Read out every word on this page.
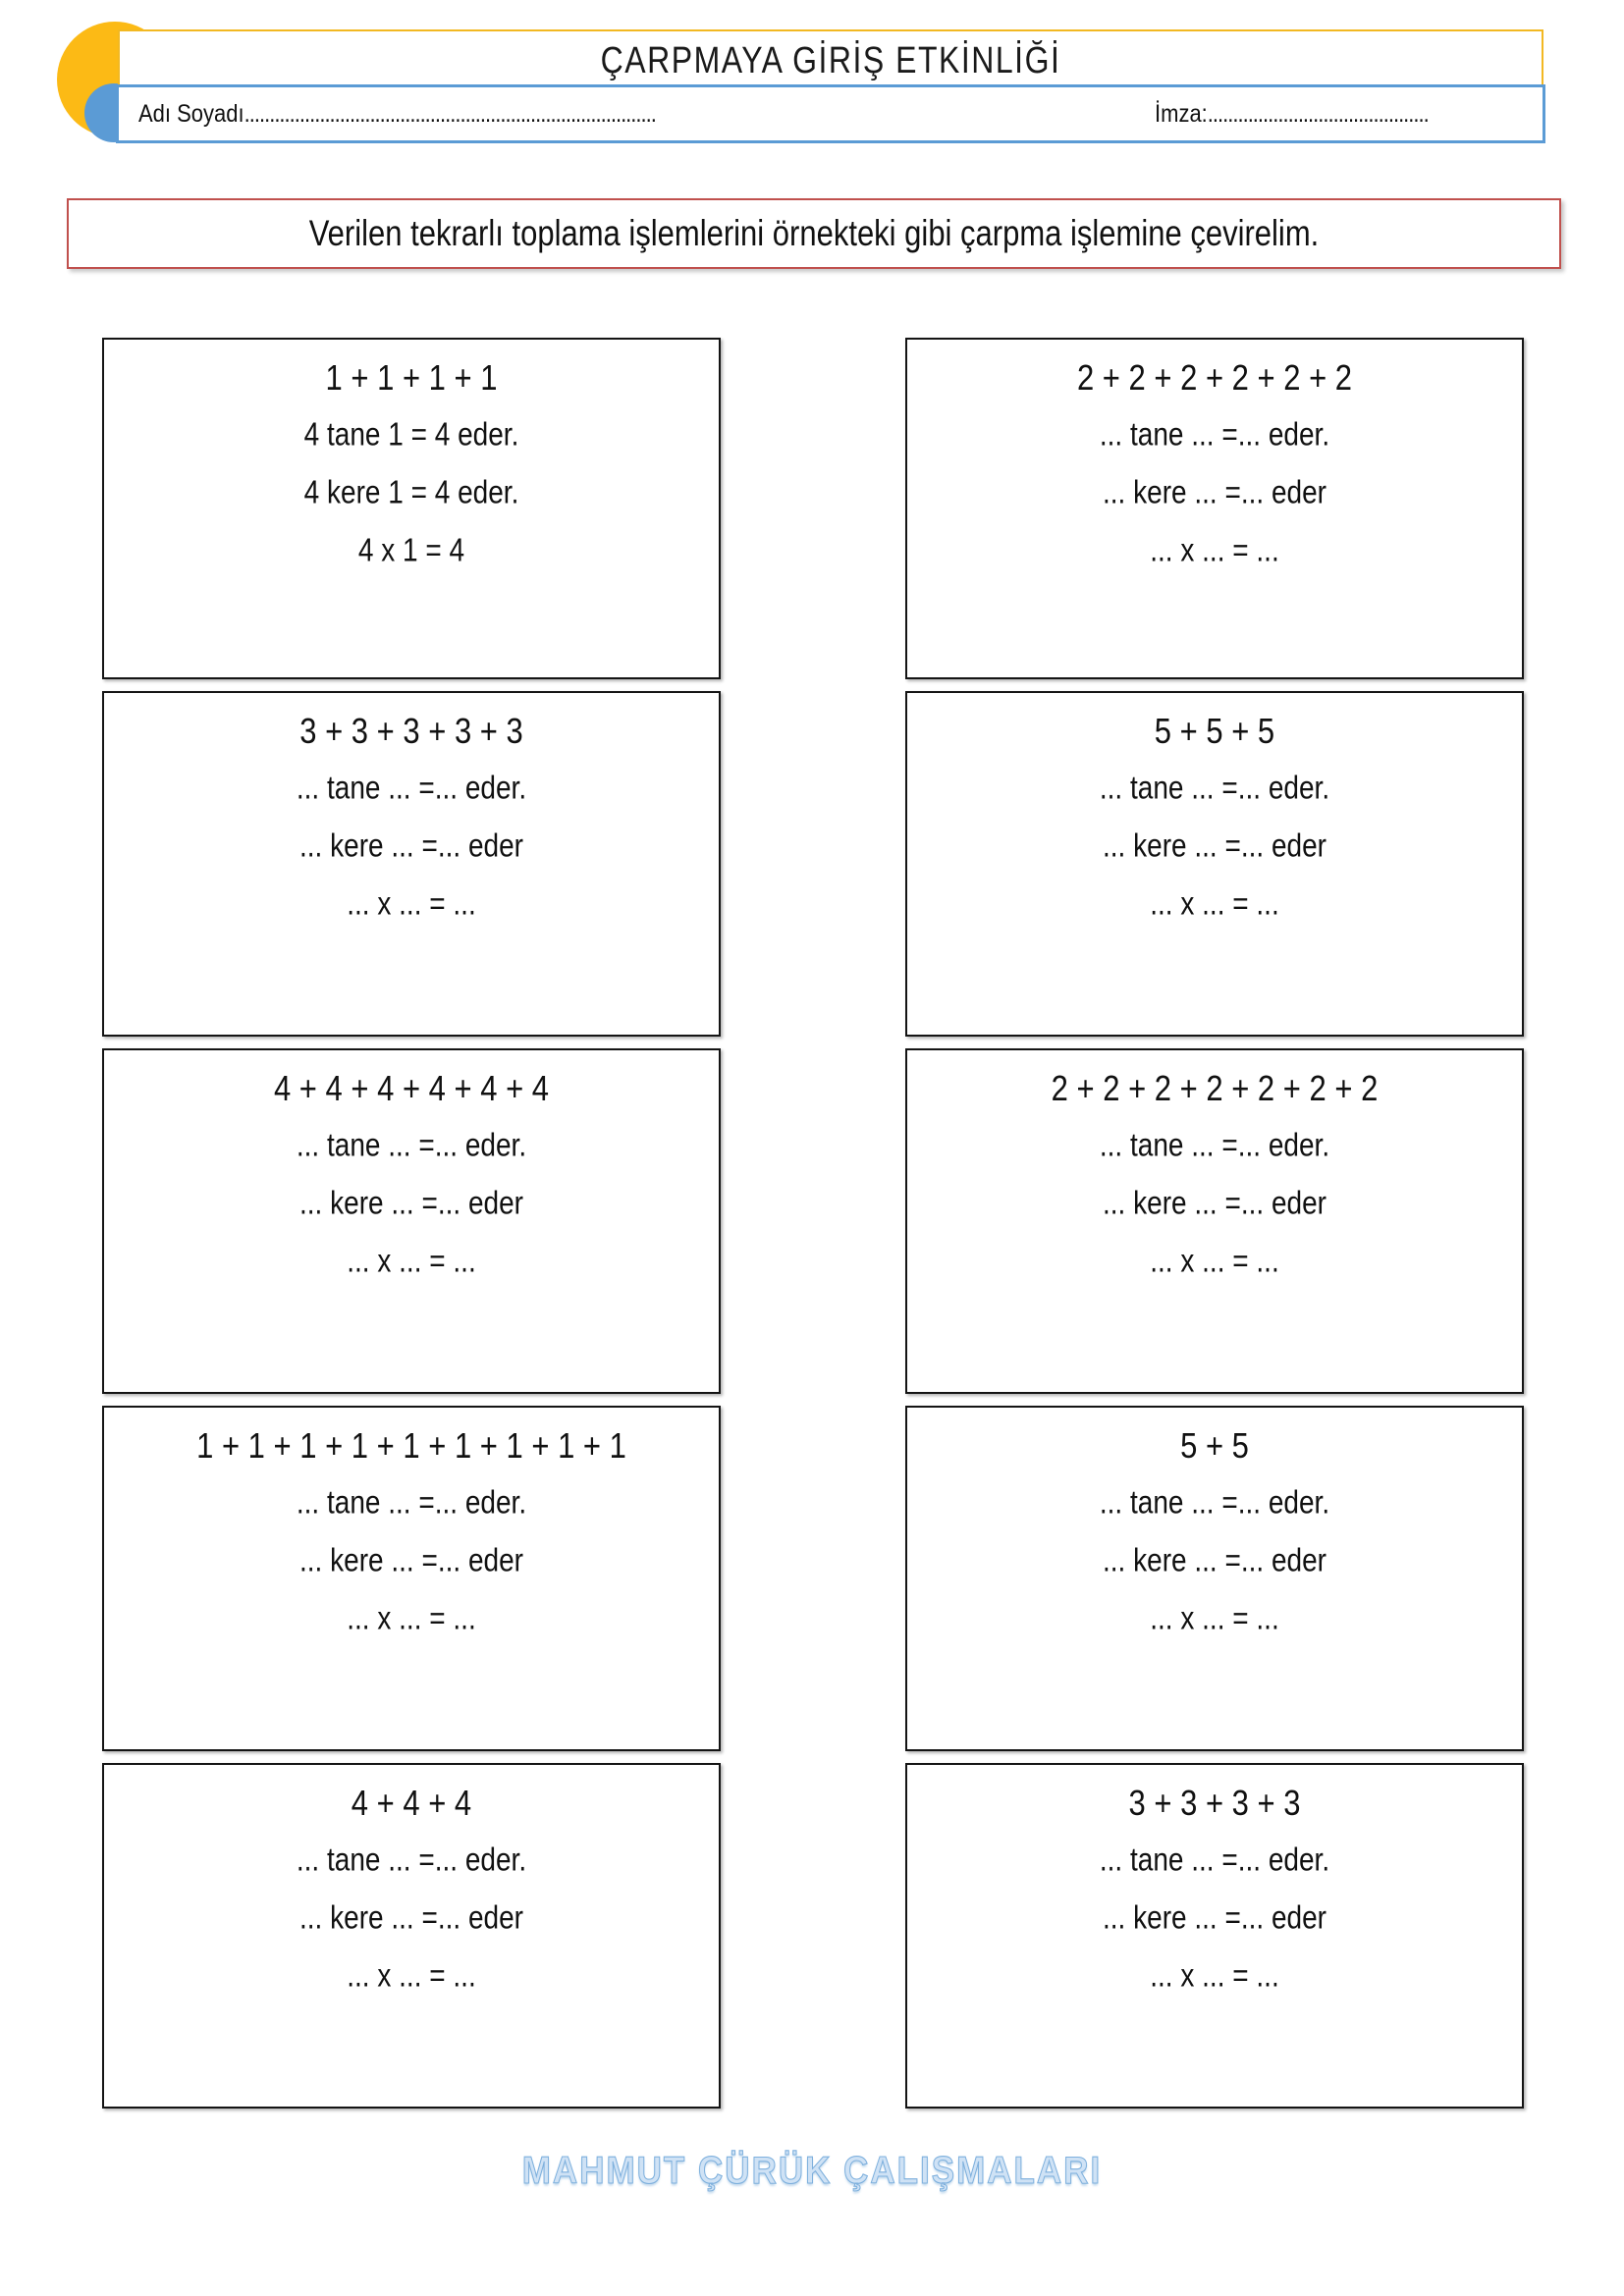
ÇARPMAYA GİRİŞ ETKİNLİĞİ
Adı Soyadı..................................................................................	İmza:............................................
Verilen tekrarlı toplama işlemlerini örnekteki gibi çarpma işlemine çevirelim.
1 + 1 + 1 + 1
4 tane 1 = 4 eder.
4 kere 1 = 4 eder.
4 x 1 = 4
2 + 2 + 2 + 2 + 2 + 2
... tane ... =... eder.
... kere ... =... eder
... x ... = ...
3 + 3 + 3 + 3 + 3
... tane ... =... eder.
... kere ... =... eder
... x ... = ...
5 + 5 + 5
... tane ... =... eder.
... kere ... =... eder
... x ... = ...
4 + 4 + 4 + 4 + 4 + 4
... tane ... =... eder.
... kere ... =... eder
... x ... = ...
2 + 2 + 2 + 2 + 2 + 2 + 2
... tane ... =... eder.
... kere ... =... eder
... x ... = ...
1 + 1 + 1 + 1 + 1 + 1 + 1 + 1 + 1
... tane ... =... eder.
... kere ... =... eder
... x ... = ...
5 + 5
... tane ... =... eder.
... kere ... =... eder
... x ... = ...
4 + 4 + 4
... tane ... =... eder.
... kere ... =... eder
... x ... = ...
3 + 3 + 3 + 3
... tane ... =... eder.
... kere ... =... eder
... x ... = ...
MAHMUT ÇÜRÜK ÇALIŞMALARI
